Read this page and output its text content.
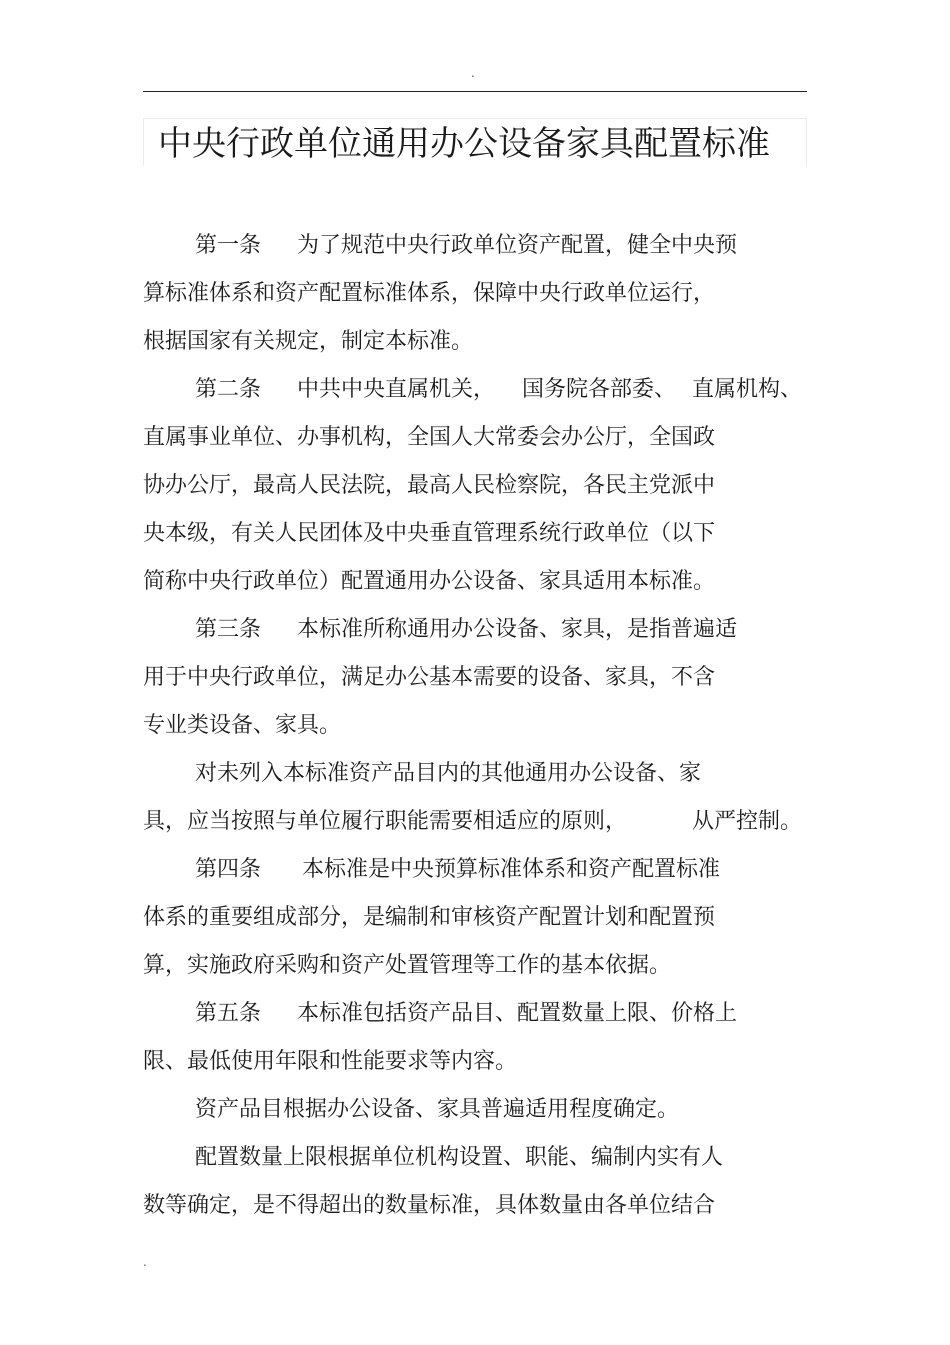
.
中央行政单位通用办公设备家具配置标准

第一条 为了规范中央行政单位资产配置，健全中央预

算标准体系和资产配置标准体系，保障中央行政单位运行，

根据国家有关规定，制定本标准。

第二条 中共中央直属机关， 国务院各部委、 直属机构、

直属事业单位、办事机构，全国人大常委会办公厅，全国政

协办公厅，最高人民法院，最高人民检察院，各民主党派中

央本级，有关人民团体及中央垂直管理系统行政单位（以下

简称中央行政单位）配置通用办公设备、家具适用本标准。

第三条 本标准所称通用办公设备、家具，是指普遍适

用于中央行政单位，满足办公基本需要的设备、家具，不含

专业类设备、家具。

对未列入本标准资产品目内的其他通用办公设备、家

具，应当按照与单位履行职能需要相适应的原则，	从严控制。

第四条 本标准是中央预算标准体系和资产配置标准

体系的重要组成部分，是编制和审核资产配置计划和配置预

算，实施政府采购和资产处置管理等工作的基本依据。

第五条 本标准包括资产品目、配置数量上限、价格上

限、最低使用年限和性能要求等内容。

资产品目根据办公设备、家具普遍适用程度确定。

配置数量上限根据单位机构设置、职能、编制内实有人

数等确定，是不得超出的数量标准，具体数量由各单位结合

.
